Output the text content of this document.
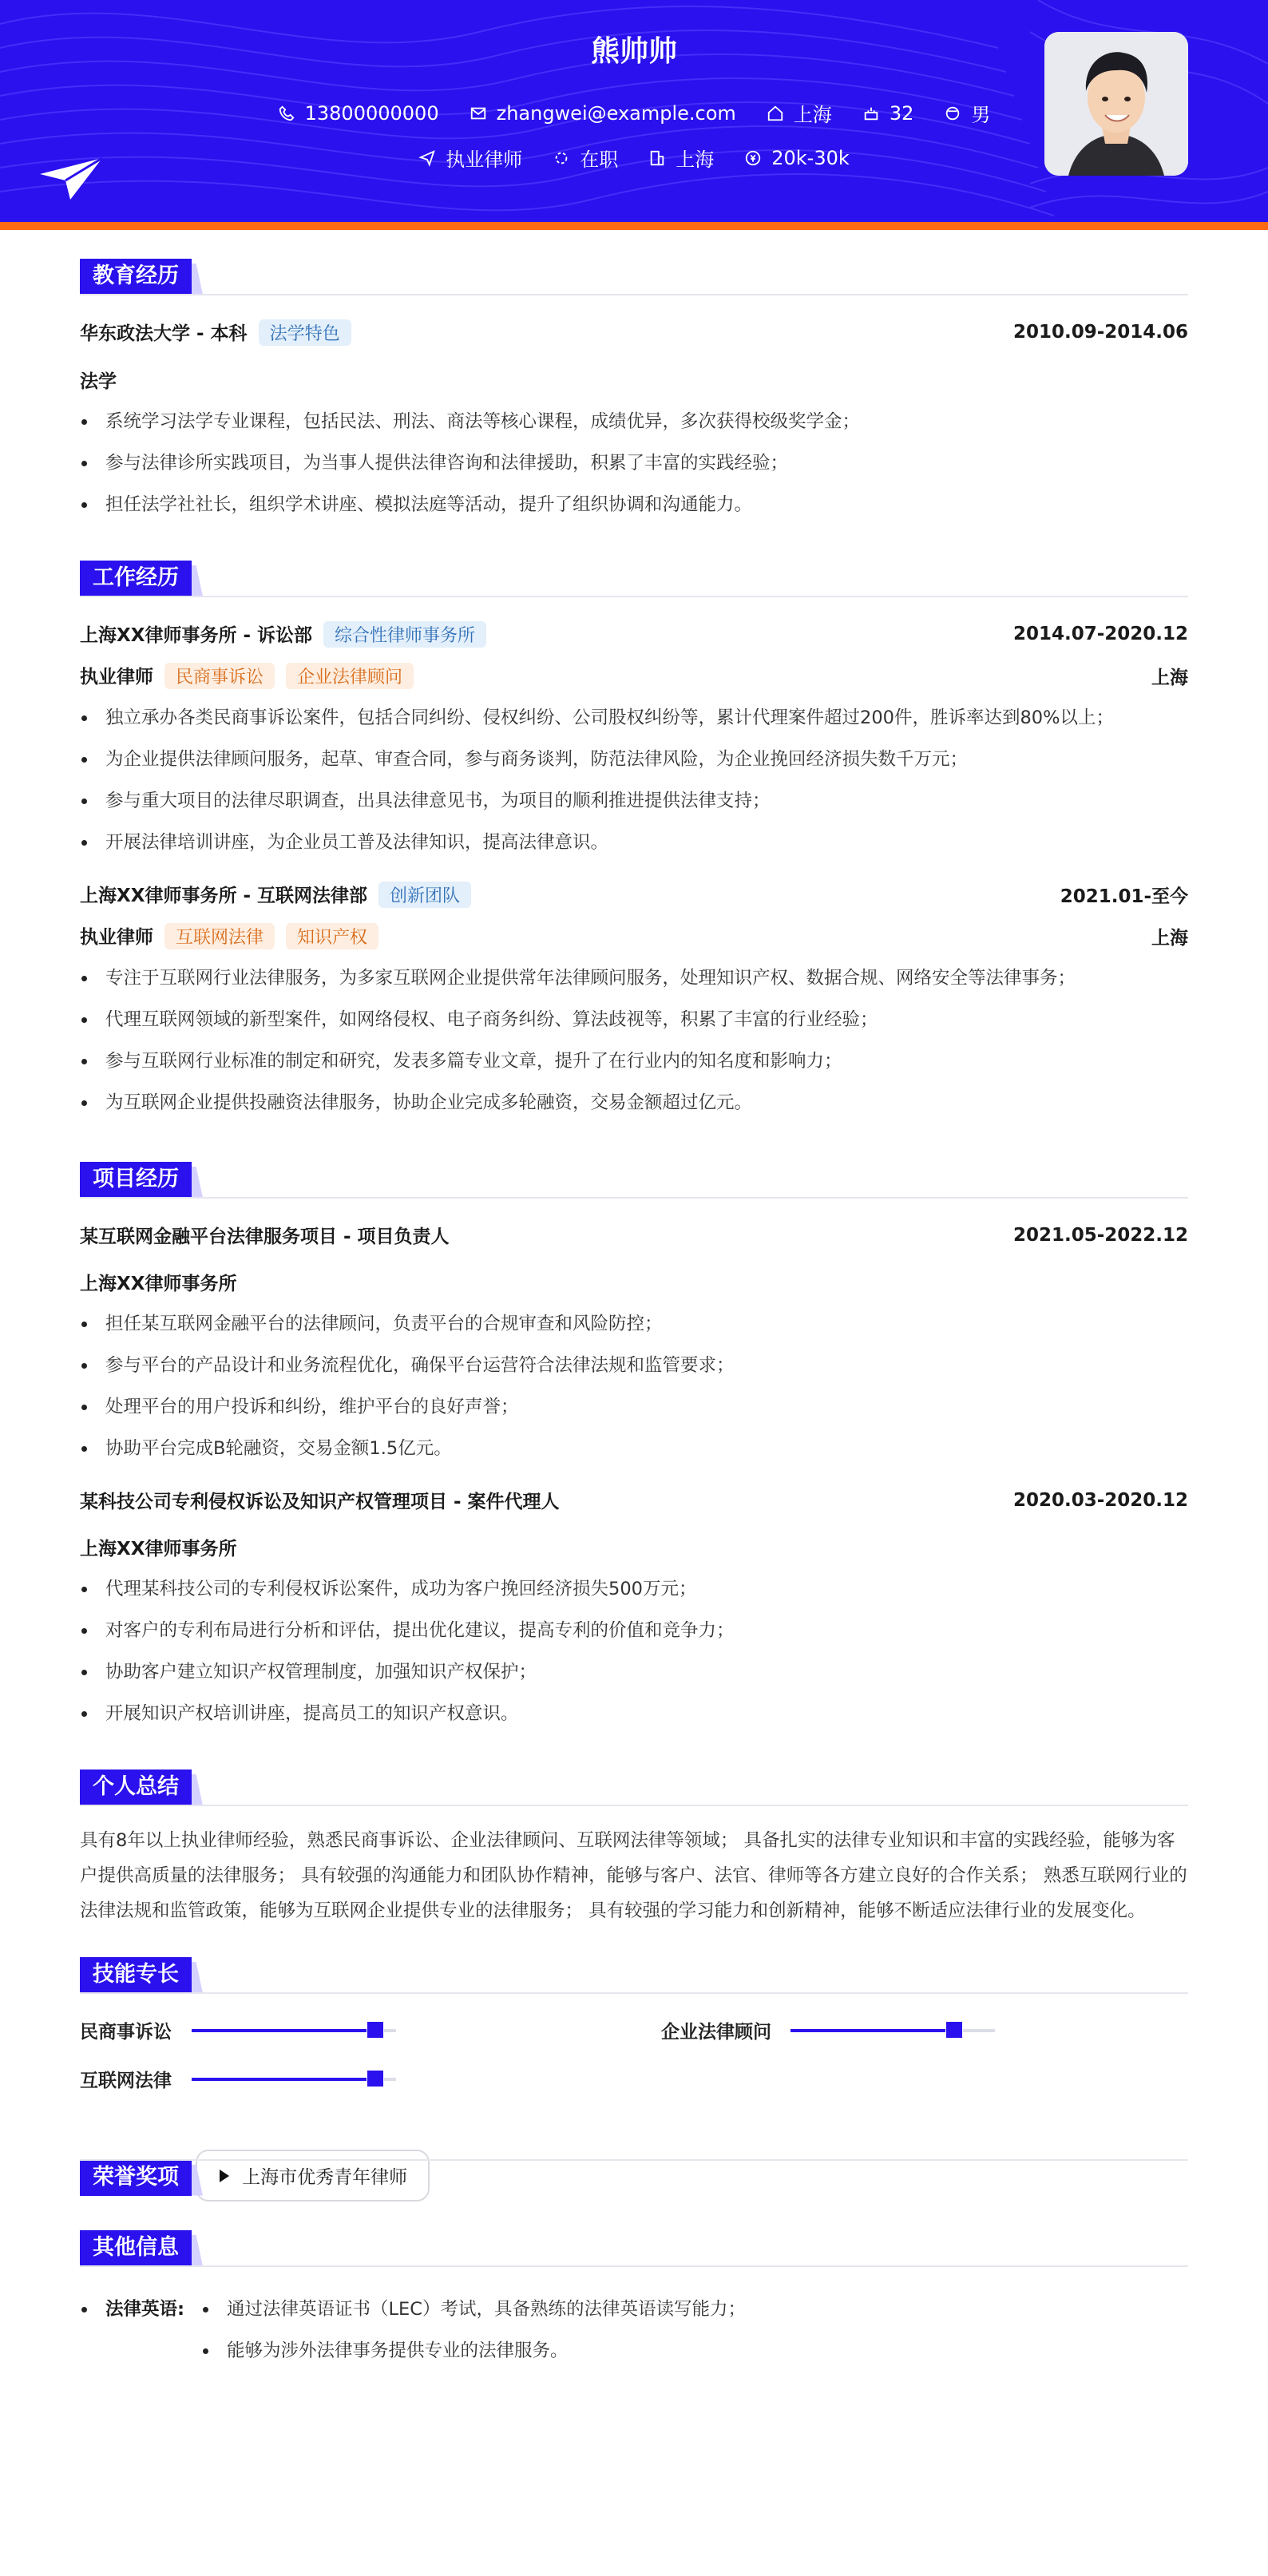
熊帅帅
13800000000	zhangwei@example.com	上海	32	男
执业律师	在职	上海	20k-30k
教育经历
华东政法大学 - 本科 法学特色	2010.09-2014.06
法学
系统学习法学专业课程，包括民法、刑法、商法等核心课程，成绩优异，多次获得校级奖学金；
参与法律诊所实践项目，为当事人提供法律咨询和法律援助，积累了丰富的实践经验；
担任法学社社长，组织学术讲座、模拟法庭等活动，提升了组织协调和沟通能力。
工作经历
上海XX律师事务所 - 诉讼部 综合性律师事务所	2014.07-2020.12
执业律师 民商事诉讼 企业法律顾问	上海
独立承办各类民商事诉讼案件，包括合同纠纷、侵权纠纷、公司股权纠纷等，累计代理案件超过200件，胜诉率达到80%以上；
为企业提供法律顾问服务，起草、审查合同，参与商务谈判，防范法律风险，为企业挽回经济损失数千万元；
参与重大项目的法律尽职调查，出具法律意见书，为项目的顺利推进提供法律支持；
开展法律培训讲座，为企业员工普及法律知识，提高法律意识。
上海XX律师事务所 - 互联网法律部 创新团队	2021.01-至今
执业律师 互联网法律 知识产权	上海
专注于互联网行业法律服务，为多家互联网企业提供常年法律顾问服务，处理知识产权、数据合规、网络安全等法律事务；
代理互联网领域的新型案件，如网络侵权、电子商务纠纷、算法歧视等，积累了丰富的行业经验；
参与互联网行业标准的制定和研究，发表多篇专业文章，提升了在行业内的知名度和影响力；
为互联网企业提供投融资法律服务，协助企业完成多轮融资，交易金额超过亿元。
项目经历
某互联网金融平台法律服务项目 - 项目负责人	2021.05-2022.12
上海XX律师事务所
担任某互联网金融平台的法律顾问，负责平台的合规审查和风险防控；
参与平台的产品设计和业务流程优化，确保平台运营符合法律法规和监管要求；
处理平台的用户投诉和纠纷，维护平台的良好声誉；
协助平台完成B轮融资，交易金额1.5亿元。
某科技公司专利侵权诉讼及知识产权管理项目 - 案件代理人	2020.03-2020.12
上海XX律师事务所
代理某科技公司的专利侵权诉讼案件，成功为客户挽回经济损失500万元；
对客户的专利布局进行分析和评估，提出优化建议，提高专利的价值和竞争力；
协助客户建立知识产权管理制度，加强知识产权保护；
开展知识产权培训讲座，提高员工的知识产权意识。
个人总结
具有8年以上执业律师经验，熟悉民商事诉讼、企业法律顾问、互联网法律等领域； 具备扎实的法律专业知识和丰富的实践经验，能够为客户提供高质量的法律服务； 具有较强的沟通能力和团队协作精神，能够与客户、法官、律师等各方建立良好的合作关系； 熟悉互联网行业的法律法规和监管政策，能够为互联网企业提供专业的法律服务； 具有较强的学习能力和创新精神，能够不断适应法律行业的发展变化。
技能专长
民商事诉讼	企业法律顾问
互联网法律
荣誉奖项	上海市优秀青年律师
其他信息
法律英语:	通过法律英语证书（LEC）考试，具备熟练的法律英语读写能力；
能够为涉外法律事务提供专业的法律服务。
